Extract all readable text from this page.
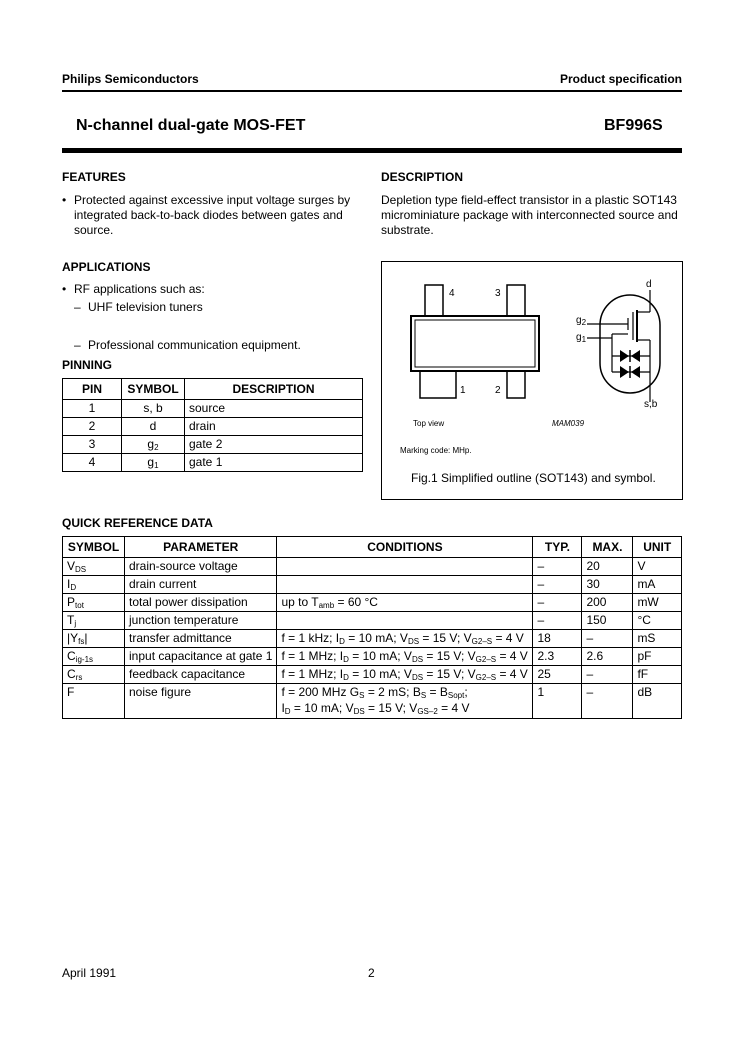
Philips Semiconductors	Product specification
N-channel dual-gate MOS-FET	BF996S
FEATURES
• Protected against excessive input voltage surges by integrated back-to-back diodes between gates and source.
APPLICATIONS
• RF applications such as:
– UHF television tuners
– Professional communication equipment.
PINNING
PIN	SYMBOL	DESCRIPTION
1	s, b	source
2	d	drain
3	$g_2$	gate 2
4	$g_1$	gate 1
DESCRIPTION
Depletion type field-effect transistor in a plastic SOT143 microminiature package with interconnected source and substrate.
4	3
1	2
d
$g_2$
$g_1$
s,b
Top view	MAM039
Marking code: MHp.
Fig.1 Simplified outline (SOT143) and symbol.
QUICK REFERENCE DATA
SYMBOL	PARAMETER	CONDITIONS	TYP.	MAX.	UNIT
$V_{DS}$	drain-source voltage		–	20	V
$I_D$	drain current		–	30	mA
$P_{tot}$	total power dissipation	up to $T_{amb} = 60$ °C	–	200	mW
$T_j$	junction temperature		–	150	°C
$|Y_{fs}|$	transfer admittance	f = 1 kHz; $I_D = 10$ mA; $V_{DS} = 15$ V; $V_{G2-S} = 4$ V	18	–	mS
$C_{ig-1s}$	input capacitance at gate 1	f = 1 MHz; $I_D = 10$ mA; $V_{DS} = 15$ V; $V_{G2-S} = 4$ V	2.3	2.6	pF
$C_{rs}$	feedback capacitance	f = 1 MHz; $I_D = 10$ mA; $V_{DS} = 15$ V; $V_{G2-S} = 4$ V	25	–	fF
F	noise figure	f = 200 MHz $G_S = 2$ mS; $B_S = B_{Sopt}$;
$I_D = 10$ mA; $V_{DS} = 15$ V; $V_{GS-2} = 4$ V	1	–	dB
April 1991	2
